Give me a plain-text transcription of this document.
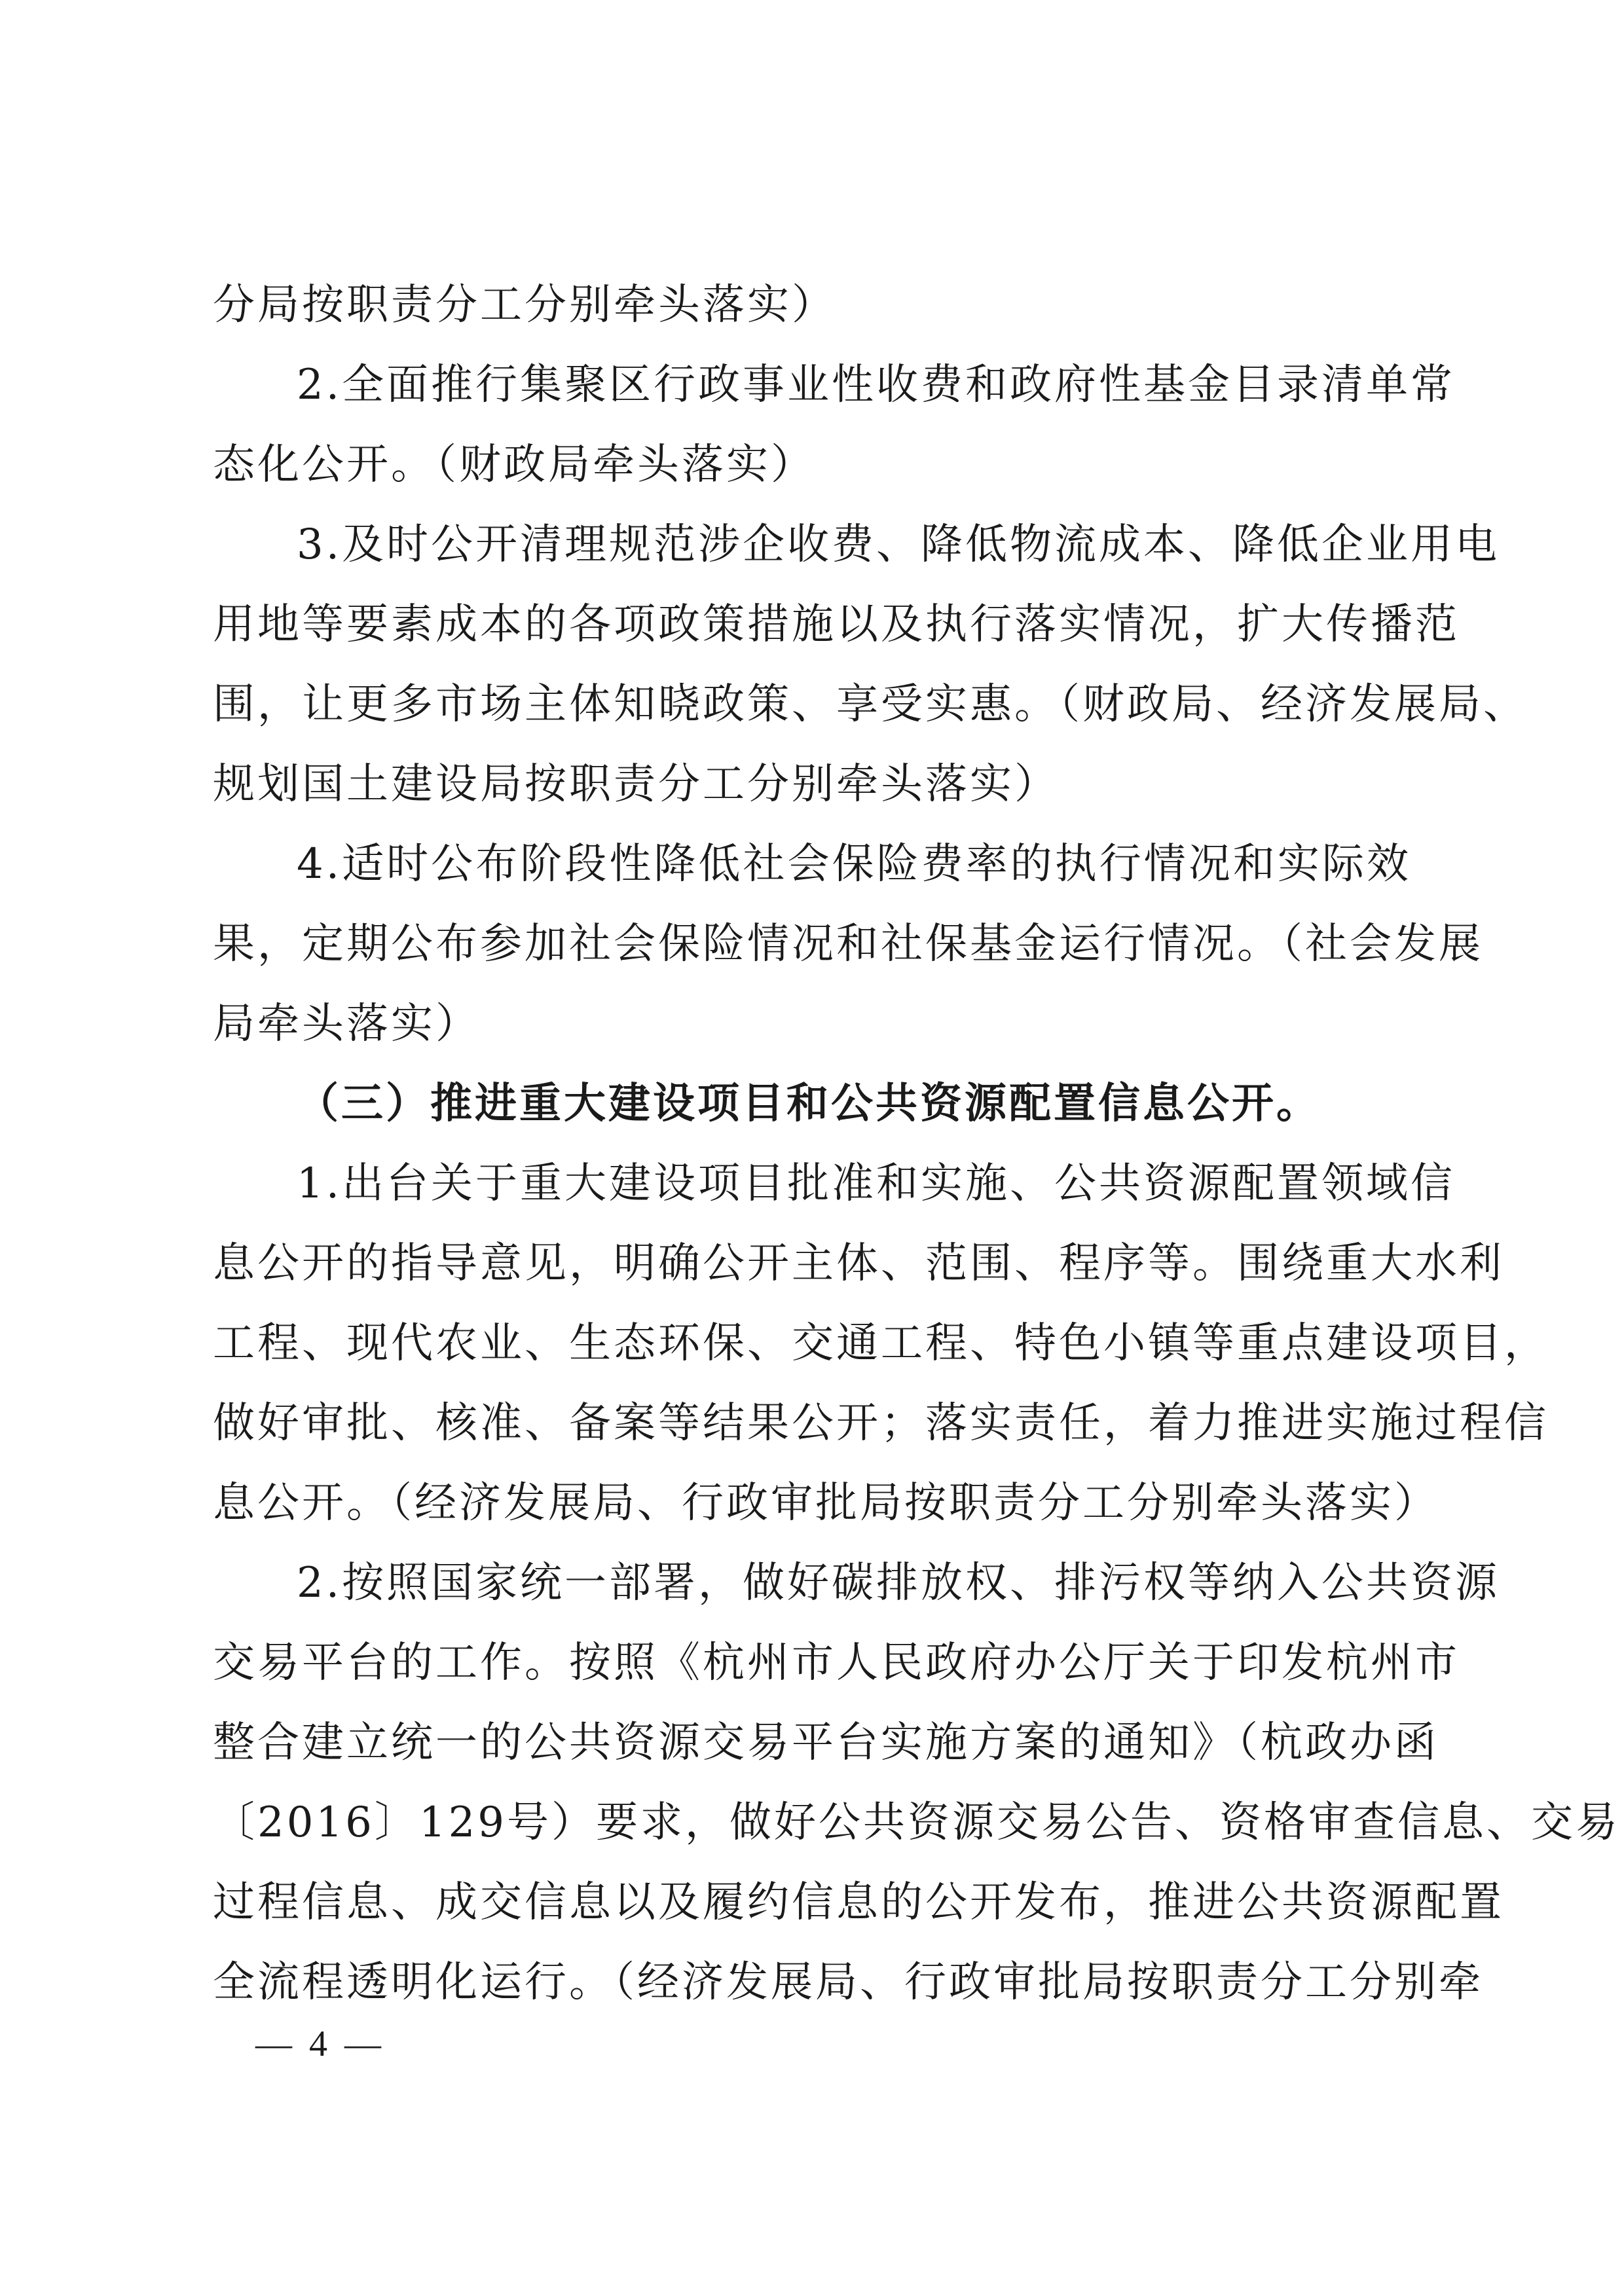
分局按职责分工分别牵头落实）
2.全面推行集聚区行政事业性收费和政府性基金目录清单常
态化公开。（财政局牵头落实）
3.及时公开清理规范涉企收费、降低物流成本、降低企业用电
用地等要素成本的各项政策措施以及执行落实情况，扩大传播范
围，让更多市场主体知晓政策、享受实惠。（财政局、经济发展局、
规划国土建设局按职责分工分别牵头落实）
4.适时公布阶段性降低社会保险费率的执行情况和实际效
果，定期公布参加社会保险情况和社保基金运行情况。（社会发展
局牵头落实）
（三）推进重大建设项目和公共资源配置信息公开。
1.出台关于重大建设项目批准和实施、公共资源配置领域信
息公开的指导意见，明确公开主体、范围、程序等。围绕重大水利
工程、现代农业、生态环保、交通工程、特色小镇等重点建设项目，
做好审批、核准、备案等结果公开；落实责任，着力推进实施过程信
息公开。（经济发展局、行政审批局按职责分工分别牵头落实）
2.按照国家统一部署，做好碳排放权、排污权等纳入公共资源
交易平台的工作。按照《杭州市人民政府办公厅关于印发杭州市
整合建立统一的公共资源交易平台实施方案的通知》（杭政办函
〔2016〕129号）要求，做好公共资源交易公告、资格审查信息、交易
过程信息、成交信息以及履约信息的公开发布，推进公共资源配置
全流程透明化运行。（经济发展局、行政审批局按职责分工分别牵
— 4 —
